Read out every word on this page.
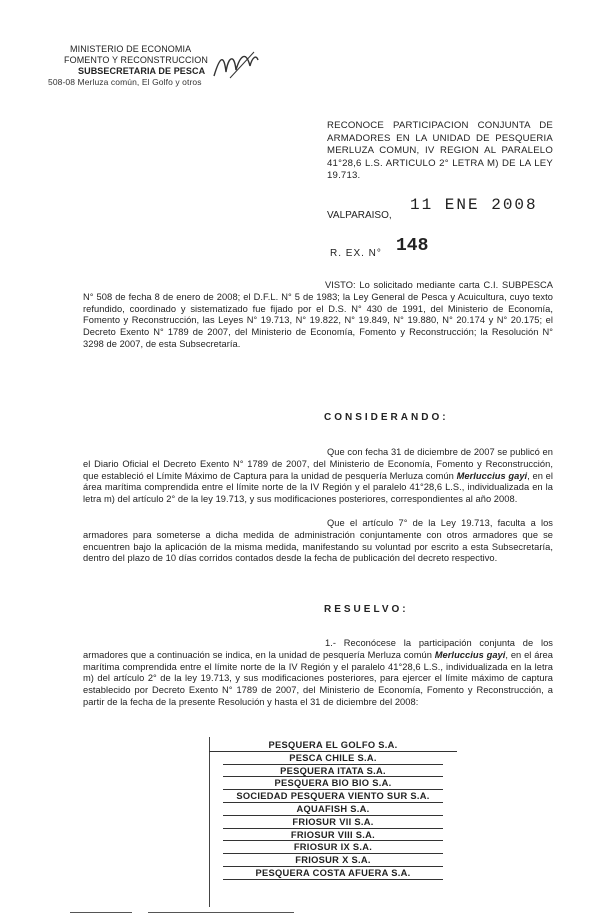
MINISTERIO DE ECONOMIA
FOMENTO Y RECONSTRUCCION
SUBSECRETARIA DE PESCA
508-08 Merluza común, El Golfo y otros
RECONOCE PARTICIPACION CONJUNTA DE ARMADORES EN LA UNIDAD DE PESQUERIA MERLUZA COMUN, IV REGION AL PARALELO 41°28,6 L.S. ARTICULO 2° LETRA M) DE LA LEY 19.713.
VALPARAISO,
11 ENE 2008
R. EX. N° 148
VISTO: Lo solicitado mediante carta C.I. SUBPESCA N° 508 de fecha 8 de enero de 2008; el D.F.L. N° 5 de 1983; la Ley General de Pesca y Acuicultura, cuyo texto refundido, coordinado y sistematizado fue fijado por el D.S. N° 430 de 1991, del Ministerio de Economía, Fomento y Reconstrucción, las Leyes N° 19.713, N° 19.822, N° 19.849, N° 19.880, N° 20.174 y N° 20.175; el Decreto Exento N° 1789 de 2007, del Ministerio de Economía, Fomento y Reconstrucción; la Resolución N° 3298 de 2007, de esta Subsecretaría.
CONSIDERANDO:
Que con fecha 31 de diciembre de 2007 se publicó en el Diario Oficial el Decreto Exento N° 1789 de 2007, del Ministerio de Economía, Fomento y Reconstrucción, que estableció el Límite Máximo de Captura para la unidad de pesquería Merluza común Merluccius gayi, en el área marítima comprendida entre el límite norte de la IV Región y el paralelo 41°28,6 L.S., individualizada en la letra m) del artículo 2° de la ley 19.713, y sus modificaciones posteriores, correspondientes al año 2008.
Que el artículo 7° de la Ley 19.713, faculta a los armadores para someterse a dicha medida de administración conjuntamente con otros armadores que se encuentren bajo la aplicación de la misma medida, manifestando su voluntad por escrito a esta Subsecretaría, dentro del plazo de 10 días corridos contados desde la fecha de publicación del decreto respectivo.
RESUELVO:
1.- Reconócese la participación conjunta de los armadores que a continuación se indica, en la unidad de pesquería Merluza común Merluccius gayi, en el área marítima comprendida entre el límite norte de la IV Región y el paralelo 41°28,6 L.S., individualizada en la letra m) del artículo 2° de la ley 19.713, y sus modificaciones posteriores, para ejercer el límite máximo de captura establecido por Decreto Exento N° 1789 de 2007, del Ministerio de Economía, Fomento y Reconstrucción, a partir de la fecha de la presente Resolución y hasta el 31 de diciembre del 2008:
PESQUERA EL GOLFO S.A.
PESCA CHILE S.A.
PESQUERA ITATA S.A.
PESQUERA BIO BIO S.A.
SOCIEDAD PESQUERA VIENTO SUR S.A.
AQUAFISH S.A.
FRIOSUR VII S.A.
FRIOSUR VIII S.A.
FRIOSUR IX S.A.
FRIOSUR X S.A.
PESQUERA COSTA AFUERA S.A.
